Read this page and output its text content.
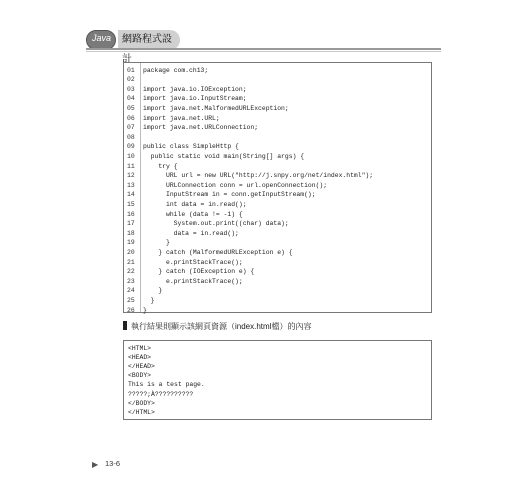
Java	網路程式設計
01 package com.ch13;
02
03 import java.io.IOException;
04 import java.io.InputStream;
05 import java.net.MalformedURLException;
06 import java.net.URL;
07 import java.net.URLConnection;
08
09 public class SimpleHttp {
10 public static void main(String[] args) {
11 try {
12 URL url = new URL("http://j.snpy.org/net/index.html");
13 URLConnection conn = url.openConnection();
14 InputStream in = conn.getInputStream();
15 int data = in.read();
16 while (data != -1) {
17 System.out.print((char) data);
18 data = in.read();
19 }
20 } catch (MalformedURLException e) {
21 e.printStackTrace();
22 } catch (IOException e) {
23 e.printStackTrace();
24 }
25 }
26 }
執行結果則顯示該網頁資源（index.html檔）的內容
<HTML>
<HEAD>
</HEAD>
<BODY>
This is a test page.
?????;À??????????
</BODY>
</HTML>
▶ 13-6
